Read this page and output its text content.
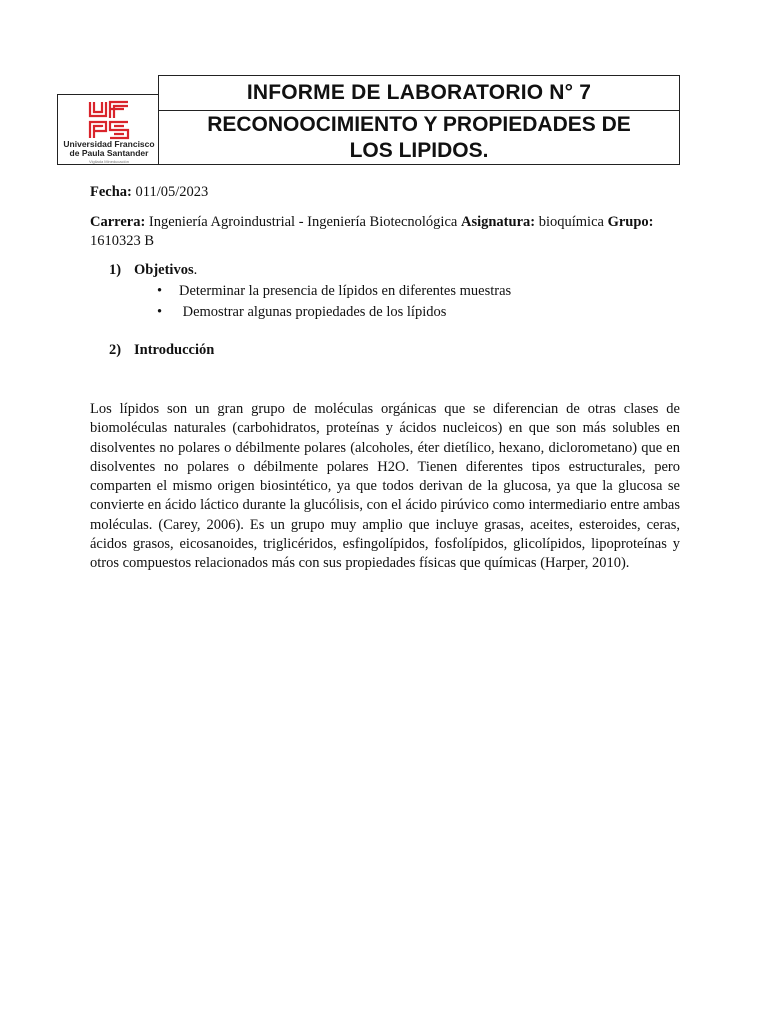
Universidad Francisco
de Paula Santander
Vigilada Mineducación
INFORME DE LABORATORIO N° 7
RECONOOCIMIENTO Y PROPIEDADES DE LOS LIPIDOS.
Fecha: 011/05/2023
Carrera: Ingeniería Agroindustrial - Ingeniería Biotecnológica Asignatura: bioquímica Grupo:
1610323 B
1) Objetivos.
• Determinar la presencia de lípidos en diferentes muestras
• Demostrar algunas propiedades de los lípidos
2) Introducción
Los lípidos son un gran grupo de moléculas orgánicas que se diferencian de otras clases de biomoléculas naturales (carbohidratos, proteínas y ácidos nucleicos) en que son más solubles en disolventes no polares o débilmente polares (alcoholes, éter dietílico, hexano, diclorometano) que en disolventes no polares o débilmente polares H2O. Tienen diferentes tipos estructurales, pero comparten el mismo origen biosintético, ya que todos derivan de la glucosa, ya que la glucosa se convierte en ácido láctico durante la glucólisis, con el ácido pirúvico como intermediario entre ambas moléculas. (Carey, 2006). Es un grupo muy amplio que incluye grasas, aceites, esteroides, ceras, ácidos grasos, eicosanoides, triglicéridos, esfingolípidos, fosfolípidos, glicolípidos, lipoproteínas y otros compuestos relacionados más con sus propiedades físicas que químicas (Harper, 2010).
